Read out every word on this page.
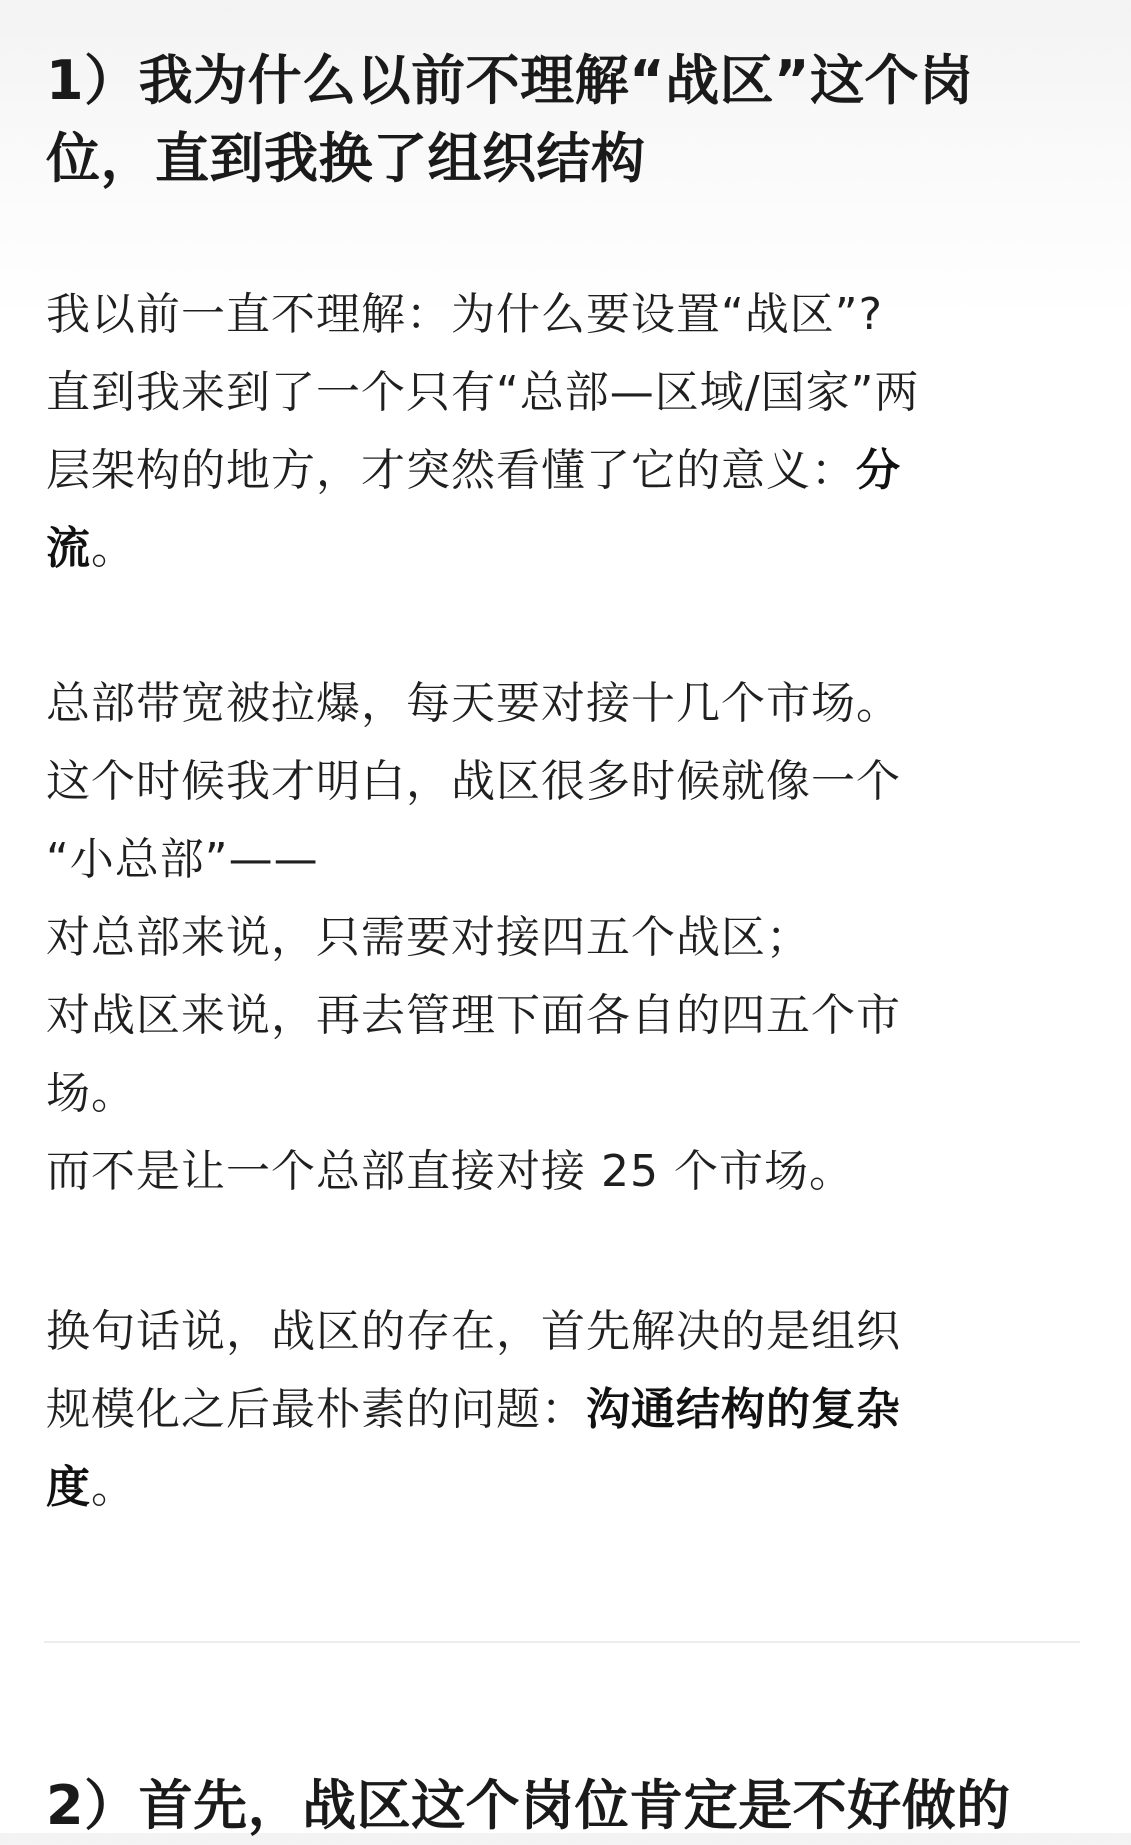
1）我为什么以前不理解“战区”这个岗
位，直到我换了组织结构

我以前一直不理解：为什么要设置“战区”?
直到我来到了一个只有“总部—区域/国家”两
层架构的地方，才突然看懂了它的意义：分
流。

总部带宽被拉爆，每天要对接十几个市场。
这个时候我才明白，战区很多时候就像一个
“小总部”——
对总部来说，只需要对接四五个战区；
对战区来说，再去管理下面各自的四五个市
场。
而不是让一个总部直接对接 25 个市场。

换句话说，战区的存在，首先解决的是组织
规模化之后最朴素的问题：沟通结构的复杂
度。

2）首先，战区这个岗位肯定是不好做的
